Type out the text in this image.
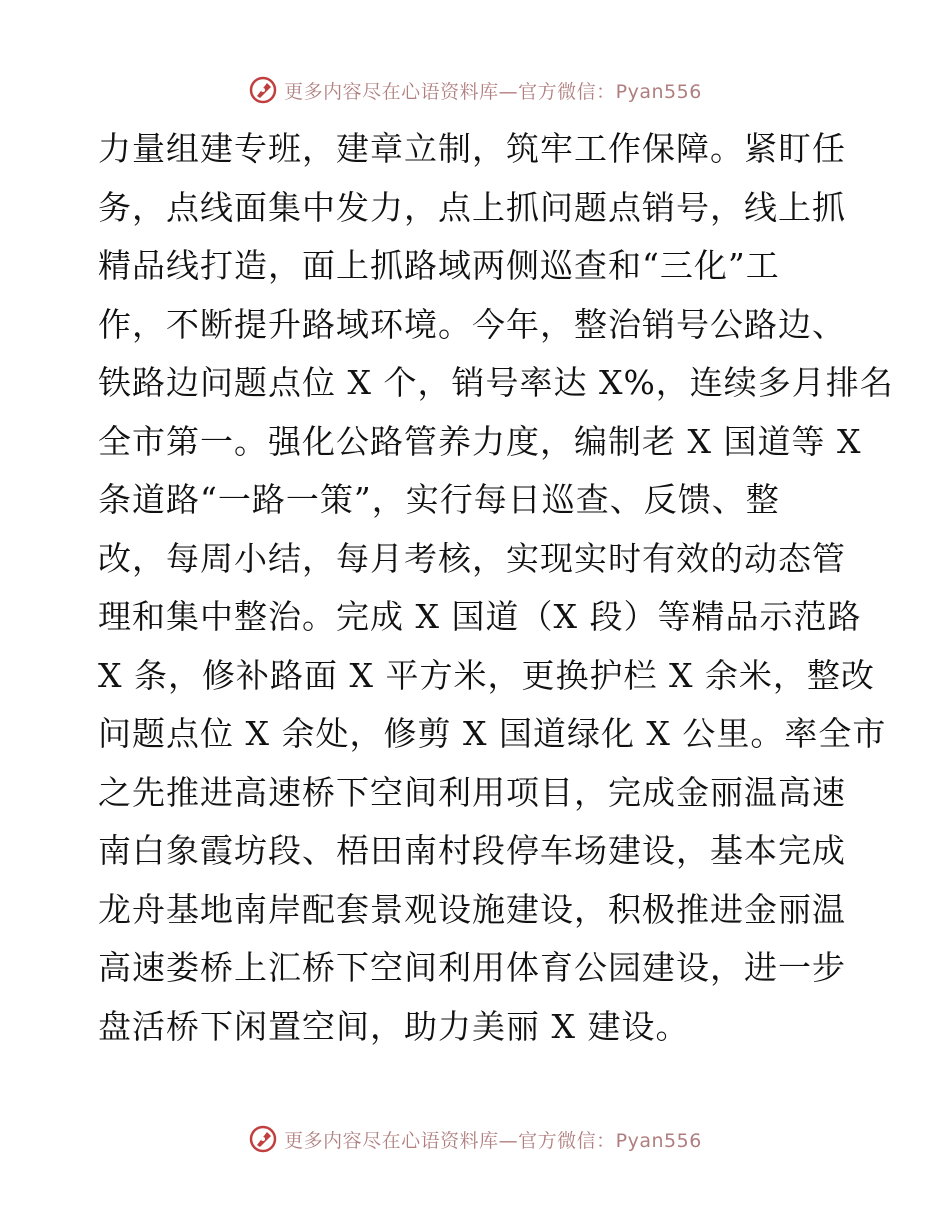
更多内容尽在心语资料库—官方微信：Pyan556
力量组建专班，建章立制，筑牢工作保障。紧盯任
务，点线面集中发力，点上抓问题点销号，线上抓
精品线打造，面上抓路域两侧巡查和“三化”工
作，不断提升路域环境。今年，整治销号公路边、
铁路边问题点位 X 个，销号率达 X%，连续多月排名
全市第一。强化公路管养力度，编制老 X 国道等 X
条道路“一路一策”，实行每日巡查、反馈、整
改，每周小结，每月考核，实现实时有效的动态管
理和集中整治。完成 X 国道（X 段）等精品示范路
X 条，修补路面 X 平方米，更换护栏 X 余米，整改
问题点位 X 余处，修剪 X 国道绿化 X 公里。率全市
之先推进高速桥下空间利用项目，完成金丽温高速
南白象霞坊段、梧田南村段停车场建设，基本完成
龙舟基地南岸配套景观设施建设，积极推进金丽温
高速娄桥上汇桥下空间利用体育公园建设，进一步
盘活桥下闲置空间，助力美丽 X 建设。
更多内容尽在心语资料库—官方微信：Pyan556
